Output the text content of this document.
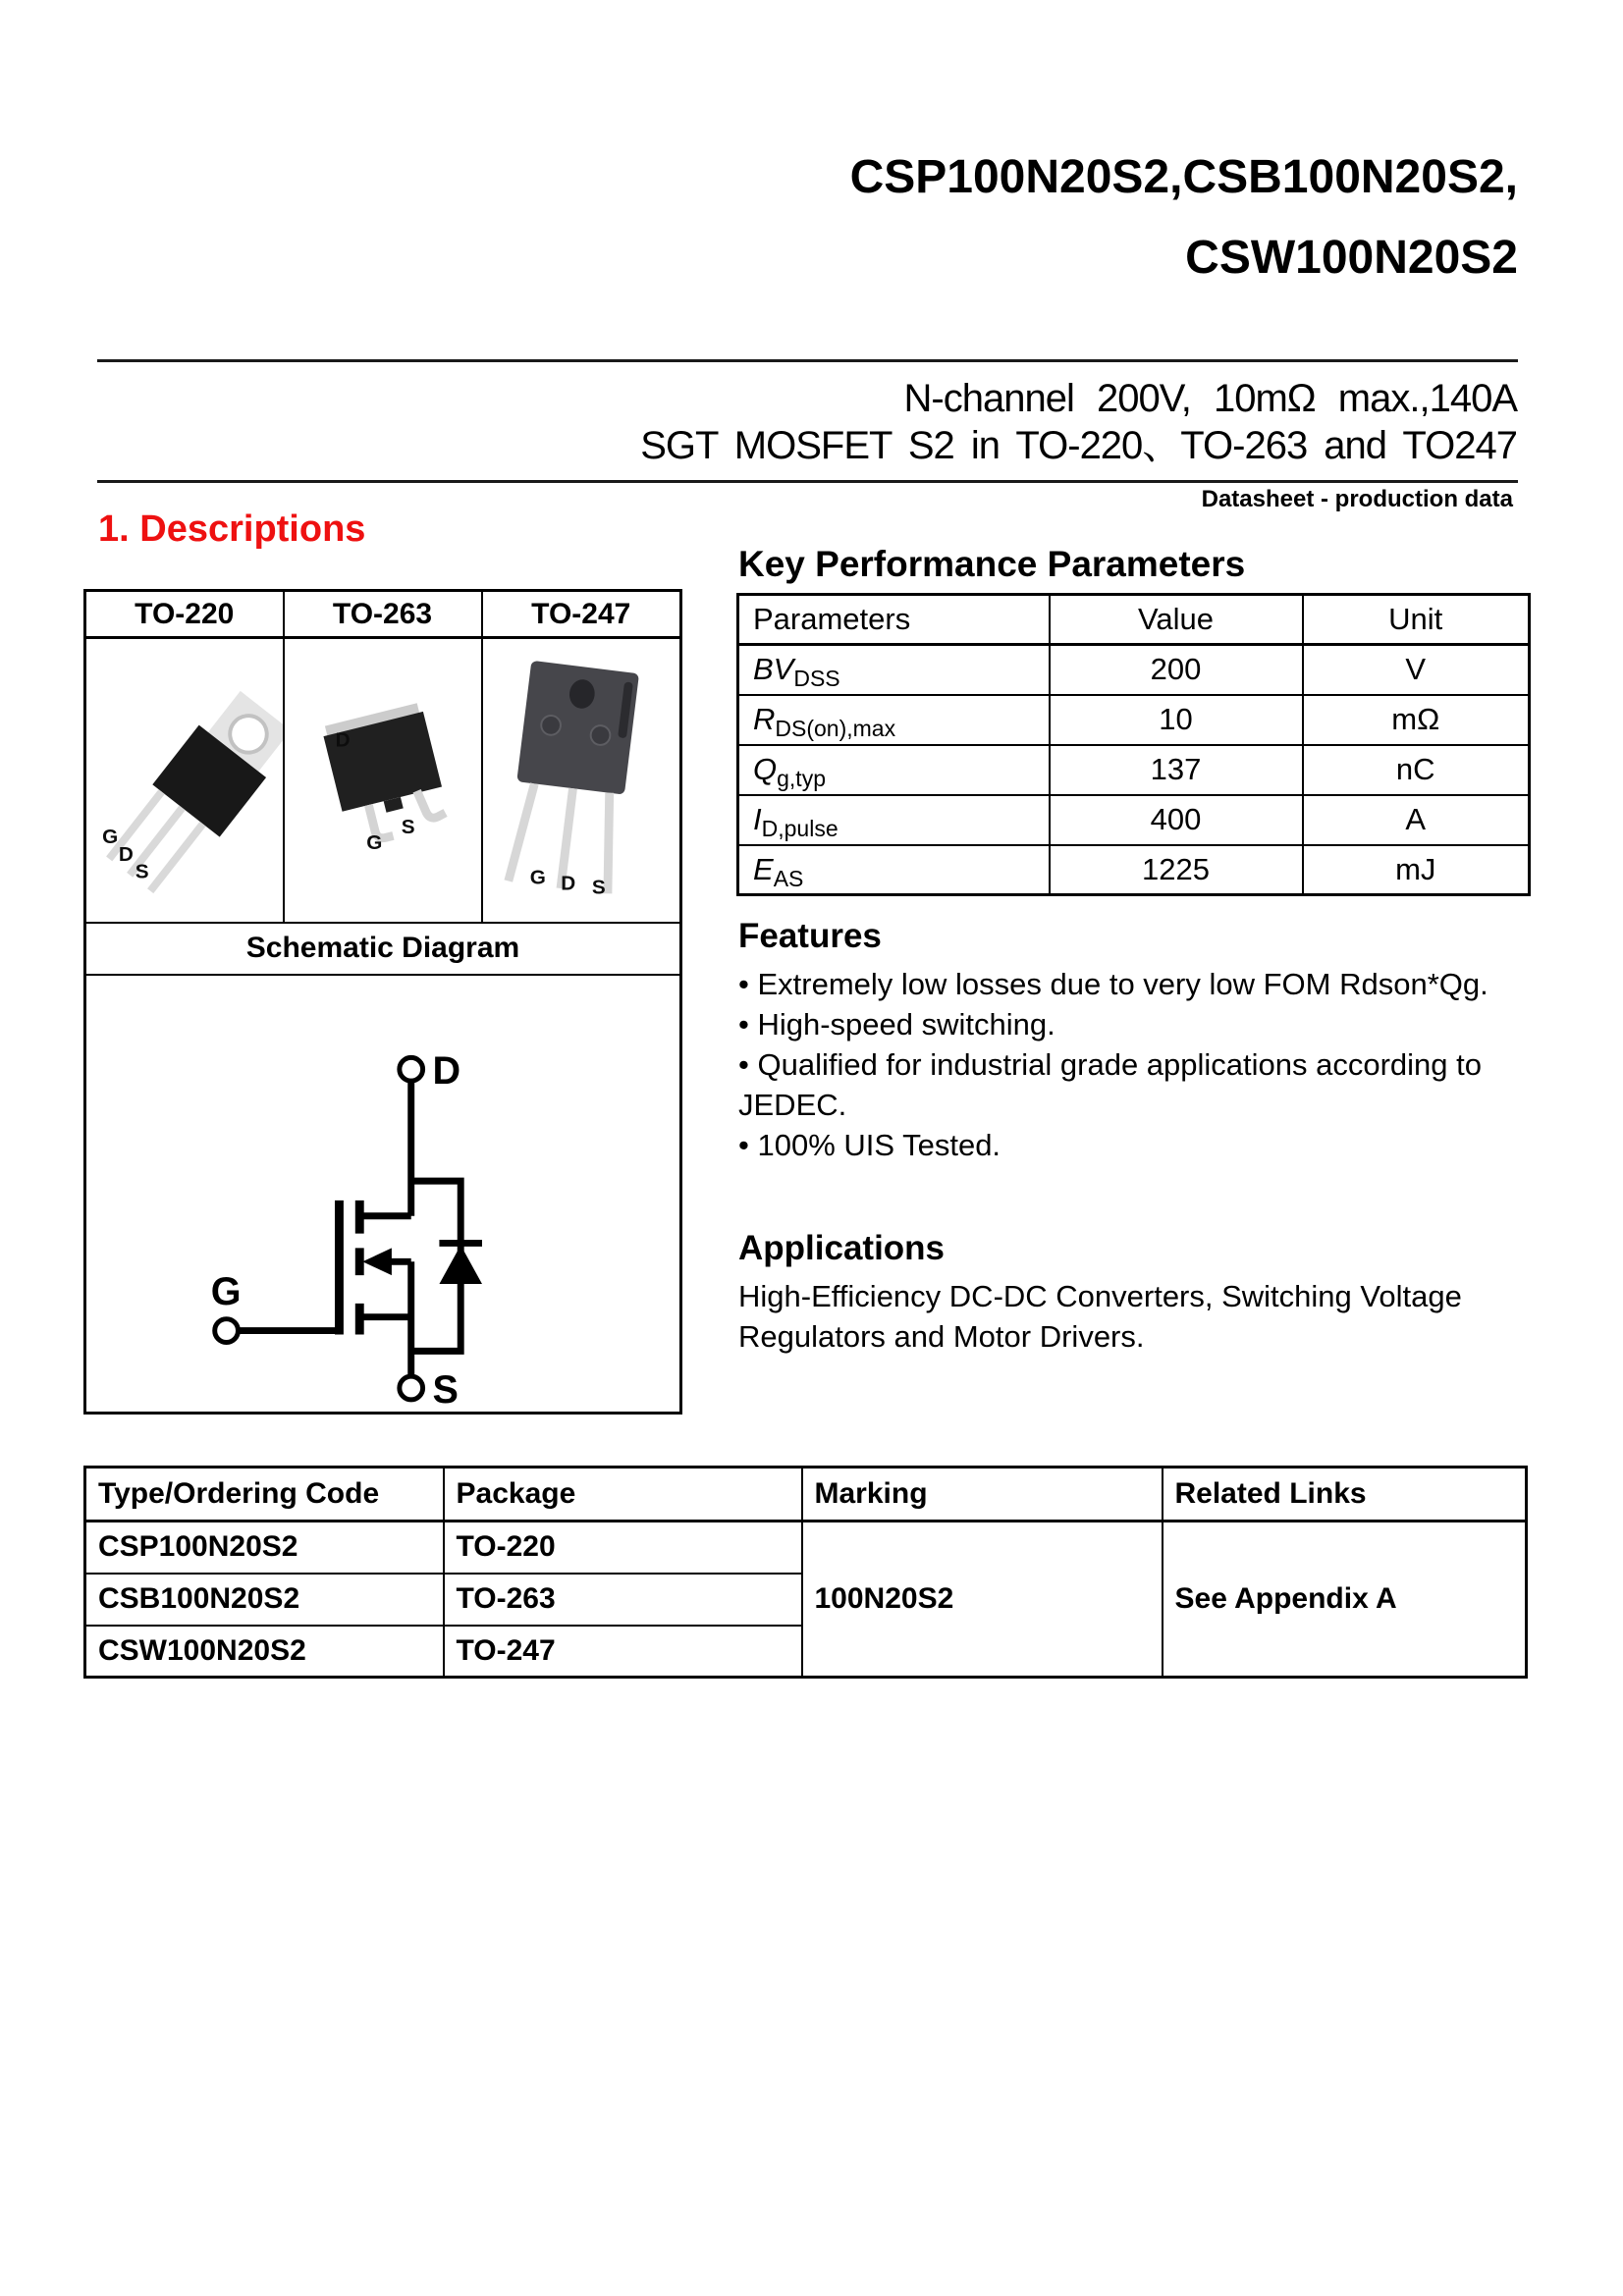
CSP100N20S2,CSB100N20S2,
CSW100N20S2
N-channel 200V, 10mΩ max.,140A
SGT MOSFET S2 in TO-220、TO-263 and TO247
Datasheet - production data
1. Descriptions
TO-220	TO-263	TO-247

G
D
S	D
G
S	G D S

Schematic Diagram		

D
G
S		
Key Performance Parameters
Parameters	Value	Unit
$BV_{DSS}$	200	V
$R_{DS(on),max}$	10	mΩ
$Q_{g,typ}$	137	nC
$I_{D,pulse}$	400	A
$E_{AS}$	1225	mJ
Features

• Extremely low losses due to very low FOM Rdson*Qg.

• High-speed switching.

• Qualified for industrial grade applications according to JEDEC.

• 100% UIS Tested.

Applications

High-Efficiency DC-DC Converters, Switching Voltage Regulators and Motor Drivers.

Type/Ordering Code	Package	Marking	Related Links
CSP100N20S2	TO-220	100N20S2	See Appendix A
CSB100N20S2	TO-263		
CSW100N20S2	TO-247		
